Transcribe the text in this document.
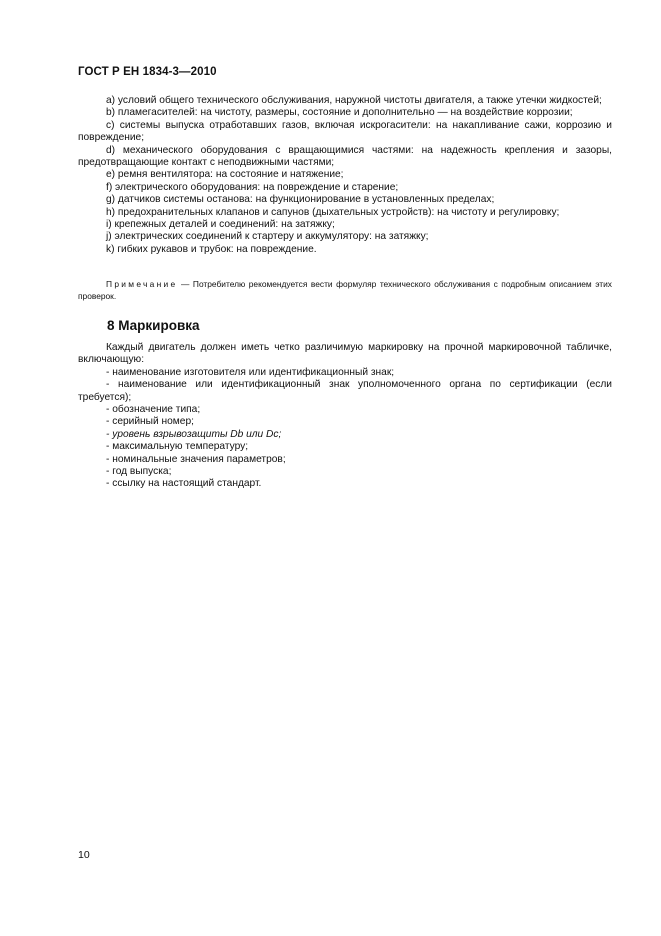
ГОСТ Р ЕН 1834-3—2010

а) условий общего технического обслуживания, наружной чистоты двигателя, а также утечки жидкостей;

b) пламегасителей: на чистоту, размеры, состояние и дополнительно — на воздействие коррозии;

с) системы выпуска отработавших газов, включая искрогасители: на накапливание сажи, коррозию и повреждение;

d) механического оборудования с вращающимися частями: на надежность крепления и зазоры, предотвращающие контакт с неподвижными частями;

е) ремня вентилятора: на состояние и натяжение;

f) электрического оборудования: на повреждение и старение;

g) датчиков системы останова: на функционирование в установленных пределах;

h) предохранительных клапанов и сапунов (дыхательных устройств): на чистоту и регулировку;

i) крепежных деталей и соединений: на затяжку;

j) электрических соединений к стартеру и аккумулятору: на затяжку;

k) гибких рукавов и трубок: на повреждение.

Примечание — Потребителю рекомендуется вести формуляр технического обслуживания с подробным описанием этих проверок.
8 Маркировка

Каждый двигатель должен иметь четко различимую маркировку на прочной маркировочной табличке, включающую:

- наименование изготовителя или идентификационный знак;

- наименование или идентификационный знак уполномоченного органа по сертификации (если требуется);

- обозначение типа;

- серийный номер;

- уровень взрывозащиты Db или Dc;

- максимальную температуру;

- номинальные значения параметров;

- год выпуска;

- ссылку на настоящий стандарт.

10
